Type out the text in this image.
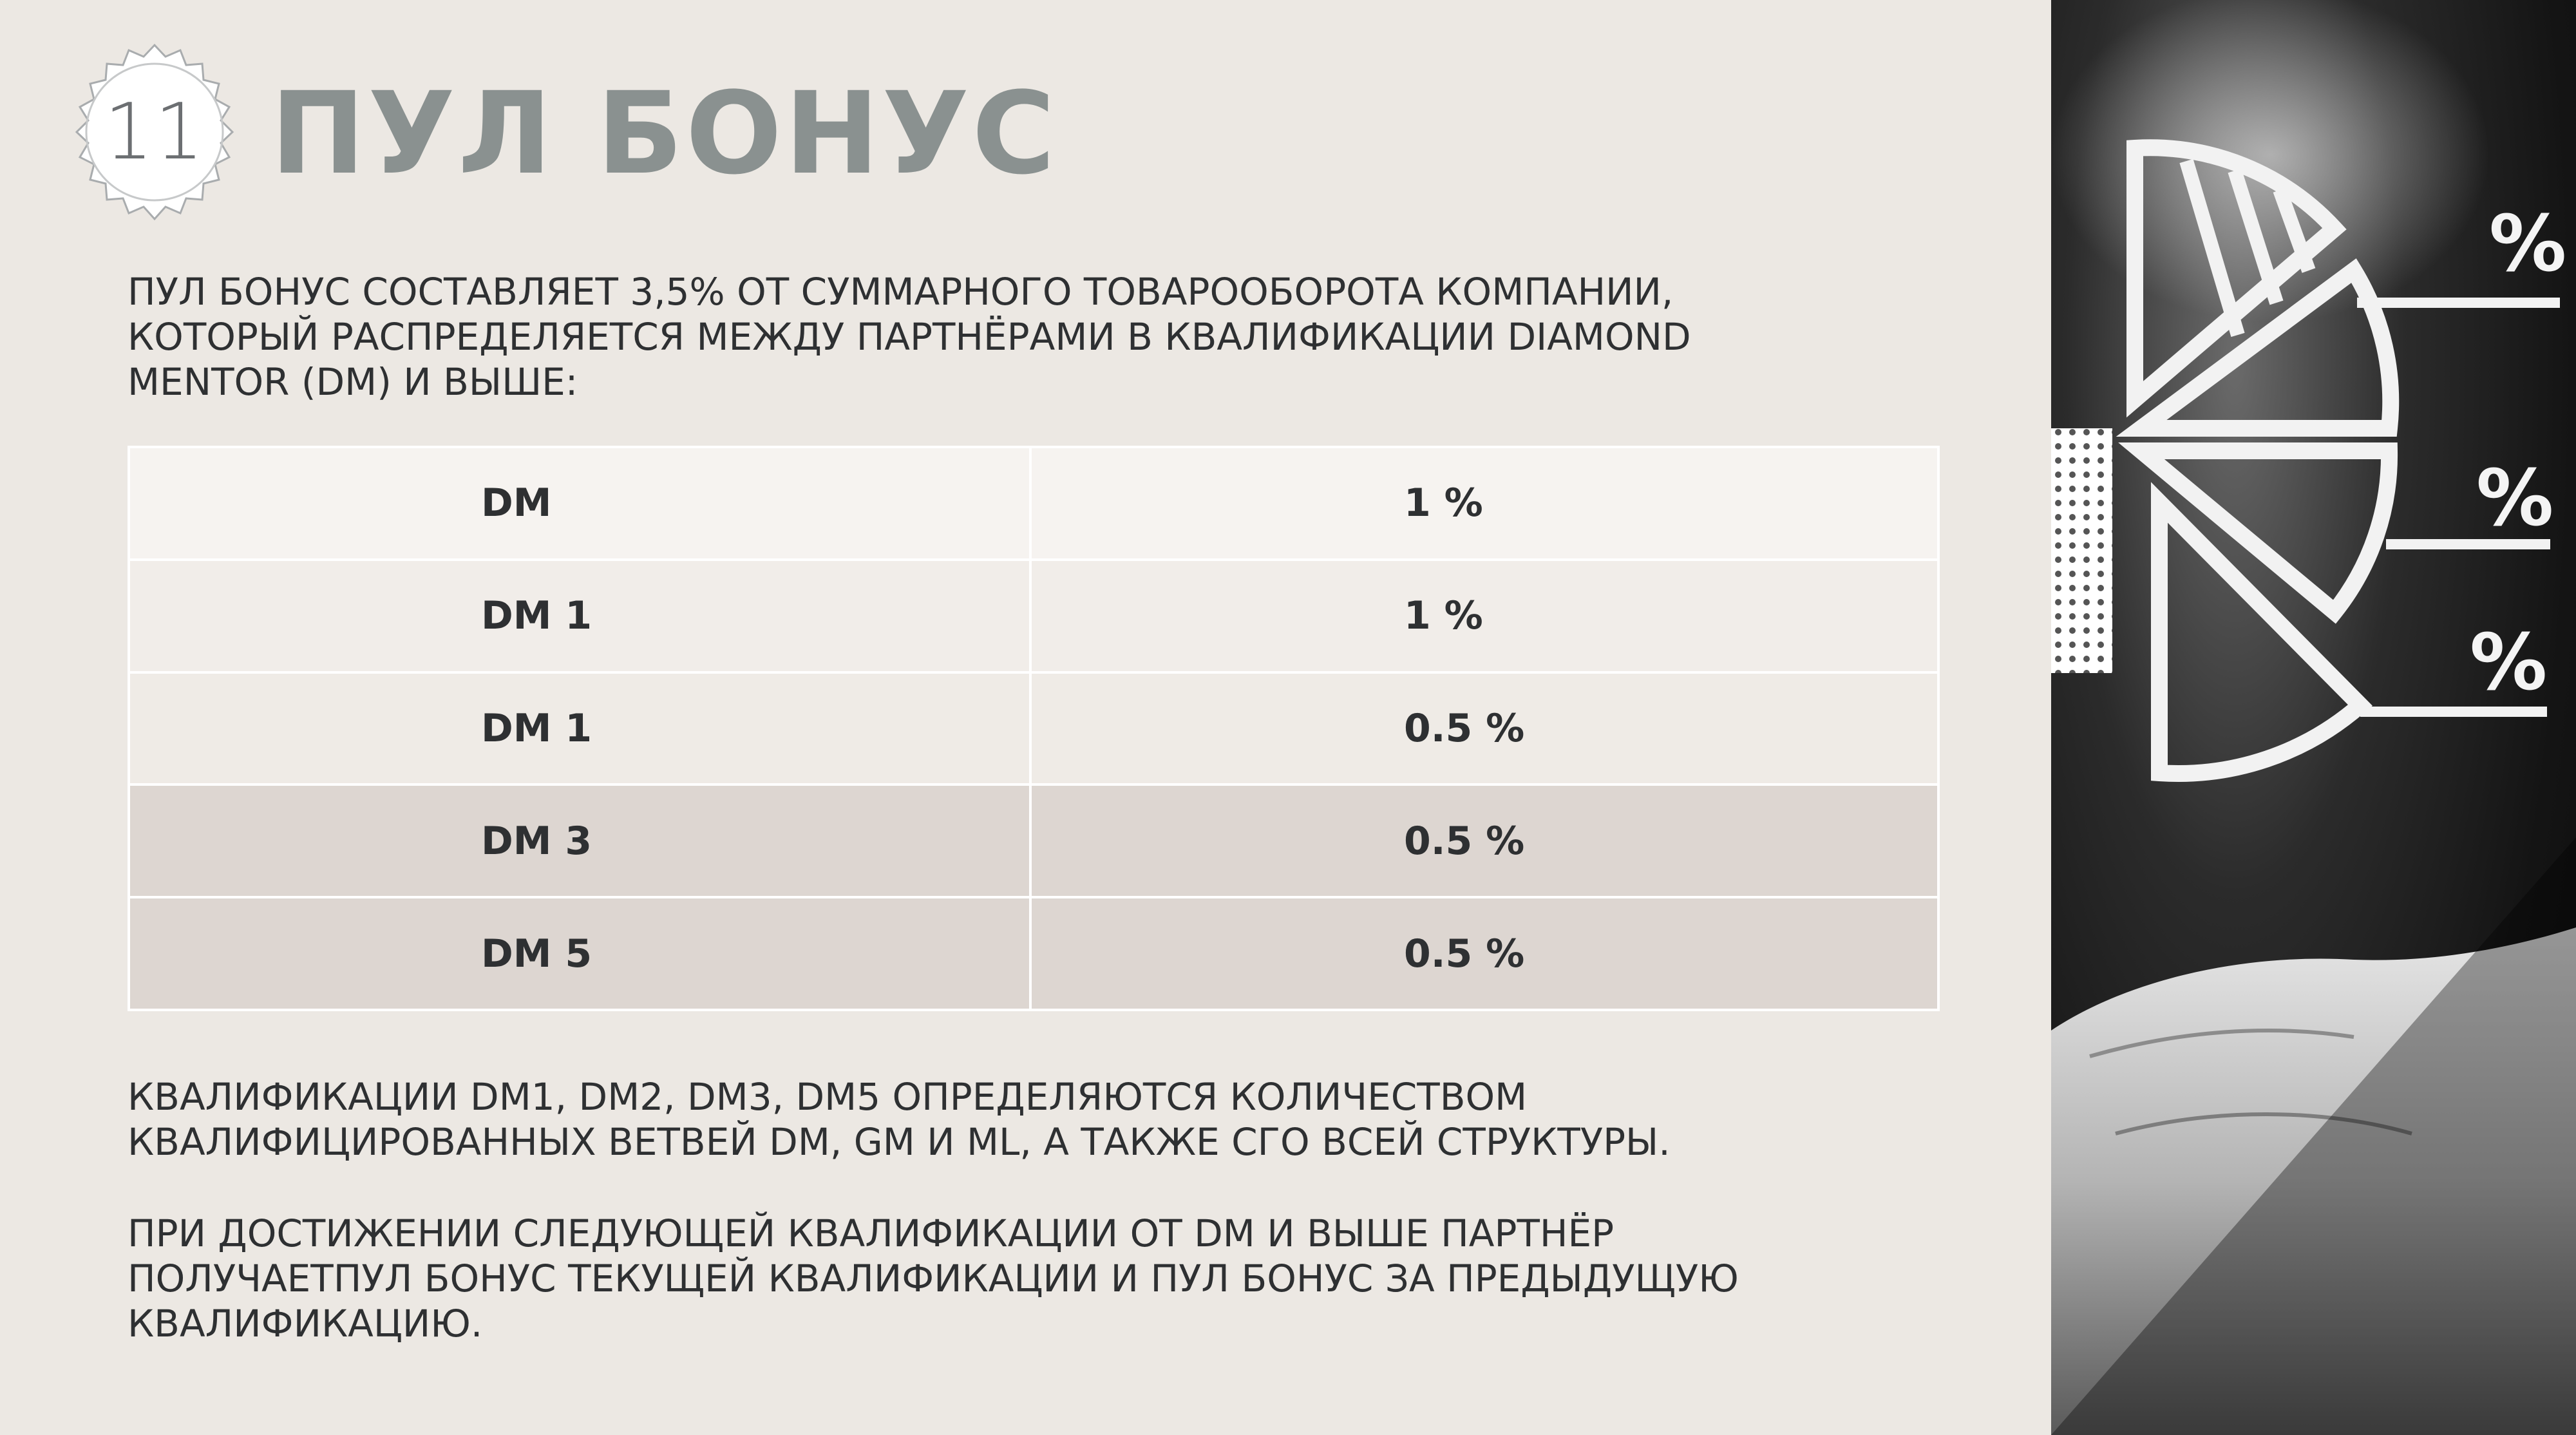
11 ПУЛ БОНУС
ПУЛ БОНУС СОСТАВЛЯЕТ 3,5% ОТ СУММАРНОГО ТОВАРООБОРОТА КОМПАНИИ,
КОТОРЫЙ РАСПРЕДЕЛЯЕТСЯ МЕЖДУ ПАРТНЁРАМИ В КВАЛИФИКАЦИИ DIAMOND
MENTOR (DM) И ВЫШЕ:
DM	1 %
DM 1	1 %
DM 1	0.5 %
DM 3	0.5 %
DM 5	0.5 %
КВАЛИФИКАЦИИ DM1, DM2, DM3, DM5 ОПРЕДЕЛЯЮТСЯ КОЛИЧЕСТВОМ
КВАЛИФИЦИРОВАННЫХ ВЕТВЕЙ DM, GM И ML, А ТАКЖЕ СГО ВСЕЙ СТРУКТУРЫ.
ПРИ ДОСТИЖЕНИИ СЛЕДУЮЩЕЙ КВАЛИФИКАЦИИ ОТ DM И ВЫШЕ ПАРТНЁР
ПОЛУЧАЕТПУЛ БОНУС ТЕКУЩЕЙ КВАЛИФИКАЦИИ И ПУЛ БОНУС ЗА ПРЕДЫДУЩУЮ
КВАЛИФИКАЦИЮ.
%
%
%
